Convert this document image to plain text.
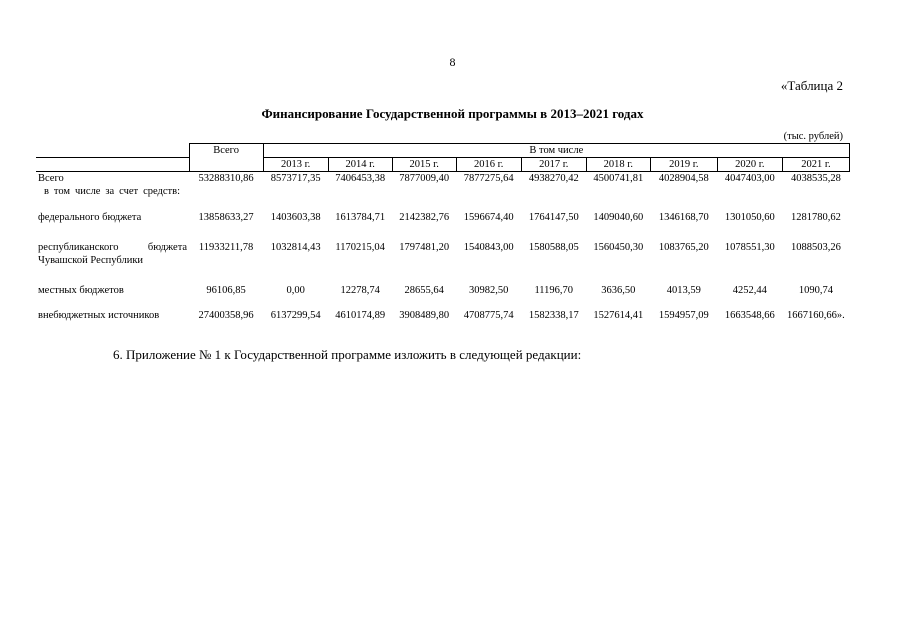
8
«Таблица 2
Финансирование Государственной программы в 2013–2021 годах
(тыс. рублей)
	Всего	В том числе								
		2013 г.	2014 г.	2015 г.	2016 г.	2017 г.	2018 г.	2019 г.	2020 г.	2021 г.
Всего	53288310,86	8573717,35	7406453,38	7877009,40	7877275,64	4938270,42	4500741,81	4028904,58	4047403,00	4038535,28

в том числе за счет средств:										

федерального бюджета	13858633,27	1403603,38	1613784,71	2142382,76	1596674,40	1764147,50	1409040,60	1346168,70	1301050,60	1281780,62

республиканского бюджета Чувашской Республики	11933211,78	1032814,43	1170215,04	1797481,20	1540843,00	1580588,05	1560450,30	1083765,20	1078551,30	1088503,26
местных бюджетов	96106,85	0,00	12278,74	28655,64	30982,50	11196,70	3636,50	4013,59	4252,44	1090,74
внебюджетных источников	27400358,96	6137299,54	4610174,89	3908489,80	4708775,74	1582338,17	1527614,41	1594957,09	1663548,66	1667160,66».
6. Приложение № 1 к Государственной программе изложить в следующей редакции:
